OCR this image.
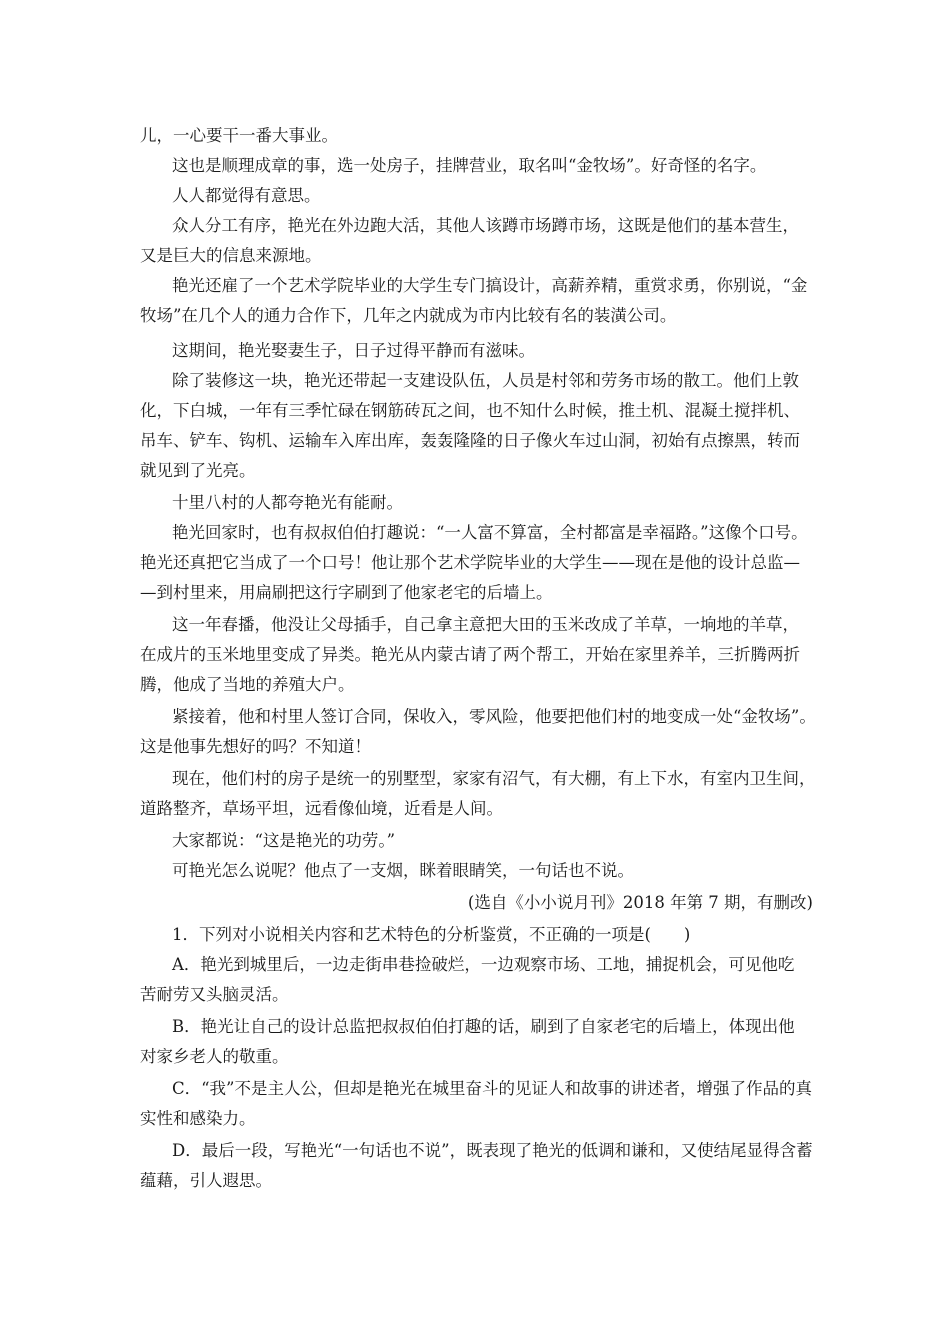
儿，一心要干一番大事业。
这也是顺理成章的事，选一处房子，挂牌营业，取名叫“金牧场”。好奇怪的名字。
人人都觉得有意思。
众人分工有序，艳光在外边跑大活，其他人该蹲市场蹲市场，这既是他们的基本营生，
又是巨大的信息来源地。
艳光还雇了一个艺术学院毕业的大学生专门搞设计，高薪养精，重赏求勇，你别说，“金
牧场”在几个人的通力合作下，几年之内就成为市内比较有名的装潢公司。
这期间，艳光娶妻生子，日子过得平静而有滋味。
除了装修这一块，艳光还带起一支建设队伍，人员是村邻和劳务市场的散工。他们上敦
化，下白城，一年有三季忙碌在钢筋砖瓦之间，也不知什么时候，推土机、混凝土搅拌机、
吊车、铲车、钩机、运输车入库出库，轰轰隆隆的日子像火车过山洞，初始有点擦黑，转而
就见到了光亮。
十里八村的人都夸艳光有能耐。
艳光回家时，也有叔叔伯伯打趣说：“一人富不算富，全村都富是幸福路。”这像个口号。
艳光还真把它当成了一个口号！他让那个艺术学院毕业的大学生——现在是他的设计总监—
—到村里来，用扁刷把这行字刷到了他家老宅的后墙上。
这一年春播，他没让父母插手，自己拿主意把大田的玉米改成了羊草，一垧地的羊草，
在成片的玉米地里变成了异类。艳光从内蒙古请了两个帮工，开始在家里养羊，三折腾两折
腾，他成了当地的养殖大户。
紧接着，他和村里人签订合同，保收入，零风险，他要把他们村的地变成一处“金牧场”。
这是他事先想好的吗？不知道！
现在，他们村的房子是统一的别墅型，家家有沼气，有大棚，有上下水，有室内卫生间，
道路整齐，草场平坦，远看像仙境，近看是人间。
大家都说：“这是艳光的功劳。”
可艳光怎么说呢？他点了一支烟，眯着眼睛笑，一句话也不说。
(选自《小小说月刊》2018 年第 7 期，有删改)
1．下列对小说相关内容和艺术特色的分析鉴赏，不正确的一项是(　　)
A．艳光到城里后，一边走街串巷捡破烂，一边观察市场、工地，捕捉机会，可见他吃
苦耐劳又头脑灵活。
B．艳光让自己的设计总监把叔叔伯伯打趣的话，刷到了自家老宅的后墙上，体现出他
对家乡老人的敬重。
C．“我”不是主人公，但却是艳光在城里奋斗的见证人和故事的讲述者，增强了作品的真
实性和感染力。
D．最后一段，写艳光“一句话也不说”，既表现了艳光的低调和谦和，又使结尾显得含蓄
蕴藉，引人遐思。
